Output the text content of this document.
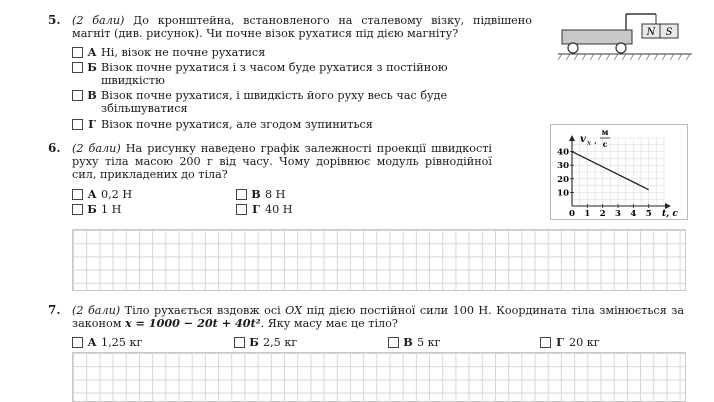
5. (2 бали) До кронштейна, встановленого на сталевому візку, підвішено магніт (див. рисунок). Чи почне візок рухатися під дією магніту?
А Ні, візок не почне рухатися
Б Візок почне рухатися і з часом буде рухатися з постійною швидкістю
В Візок почне рухатися, і швидкість його руху весь час буде збільшуватися
Г Візок почне рухатися, але згодом зупиниться
N S
6. (2 бали) На рисунку наведено графік залежності проекції швидкості руху тіла масою 200 г від часу. Чому дорівнює модуль рівнодійної сил, прикладених до тіла?
А 0,2 Н	В 8 Н
Б 1 Н	Г 40 Н	0 1 2 3 4 5
10
20
30
40
v x ,
м
с
t, с
7. (2 бали) Тіло рухається вздовж осі OX під дією постійної сили 100 Н. Координата тіла змінюється за законом x = 1000 − 20t + 40t². Яку масу має це тіло?
А 1,25 кг	Б 2,5 кг	В 5 кг	Г 20 кг
